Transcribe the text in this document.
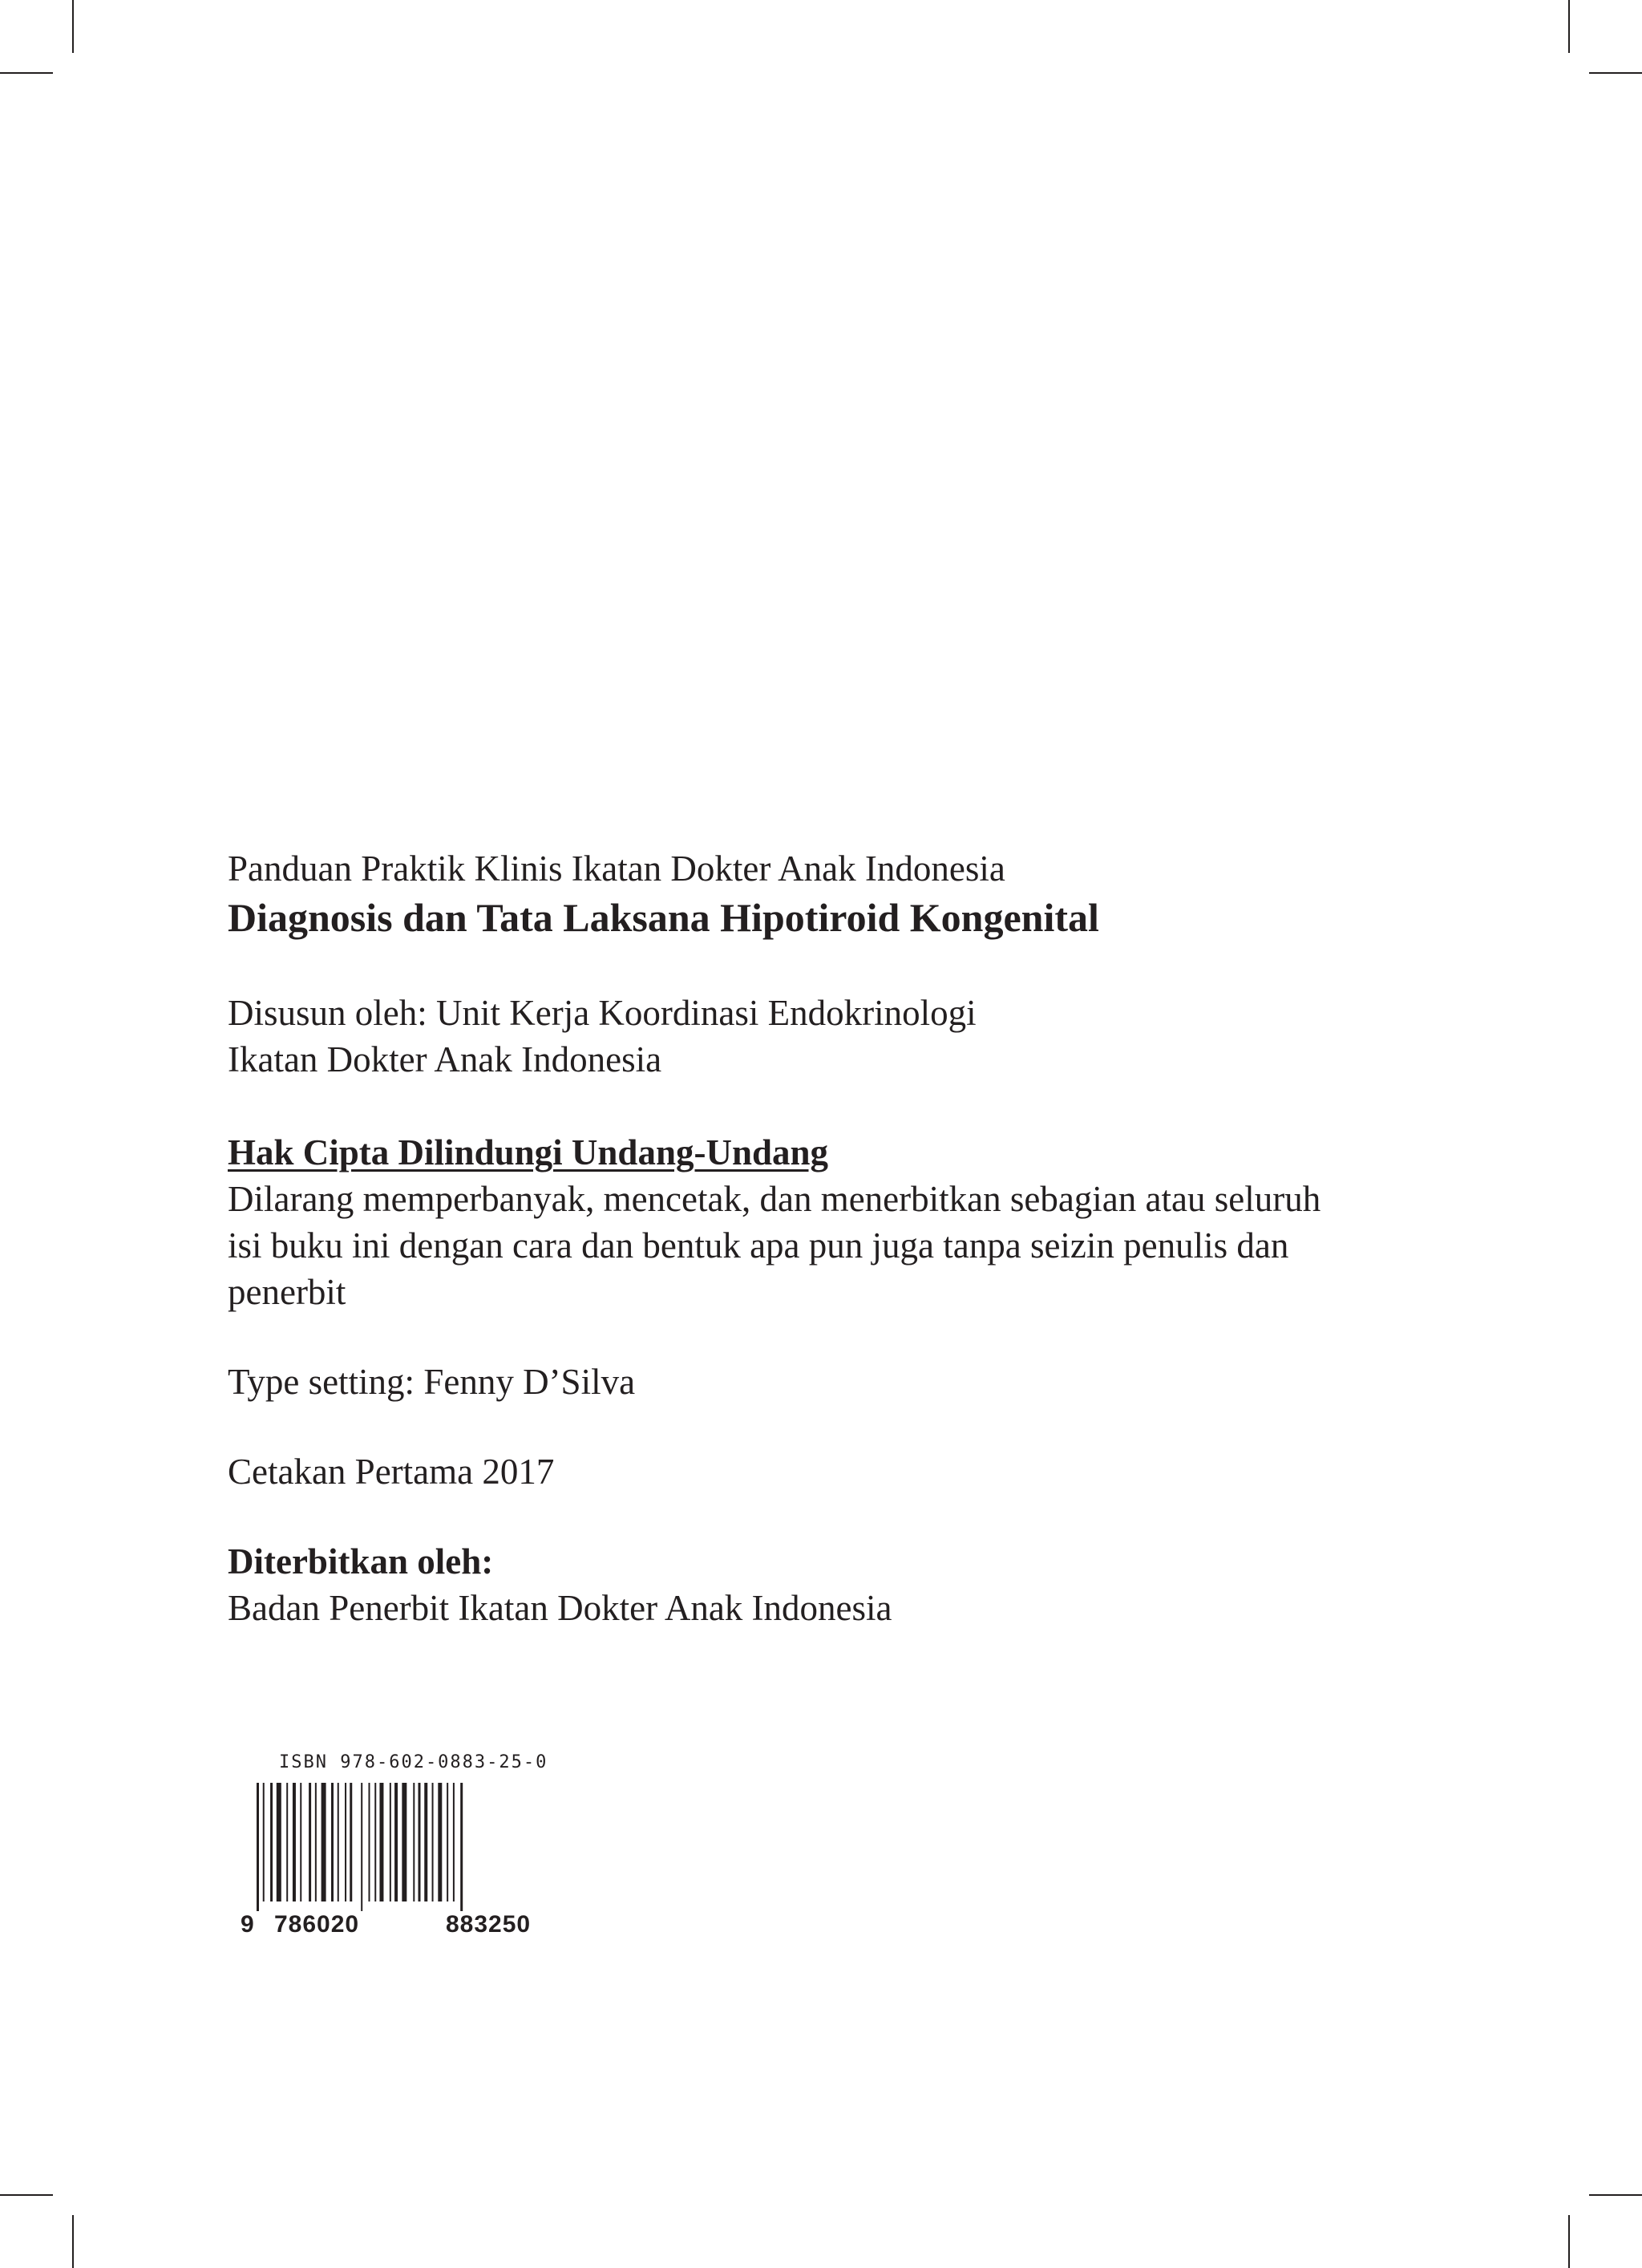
Panduan Praktik Klinis Ikatan Dokter Anak Indonesia

Diagnosis dan Tata Laksana Hipotiroid Kongenital

Disusun oleh: Unit Kerja Koordinasi Endokrinologi

Ikatan Dokter Anak Indonesia

Hak Cipta Dilindungi Undang-Undang

Dilarang memperbanyak, mencetak, dan menerbitkan sebagian atau seluruh

isi buku ini dengan cara dan bentuk apa pun juga tanpa seizin penulis dan

penerbit

Type setting: Fenny D’Silva

Cetakan Pertama 2017

Diterbitkan oleh:

Badan Penerbit Ikatan Dokter Anak Indonesia

ISBN 978-602-0883-25-0
9 786020	883250
